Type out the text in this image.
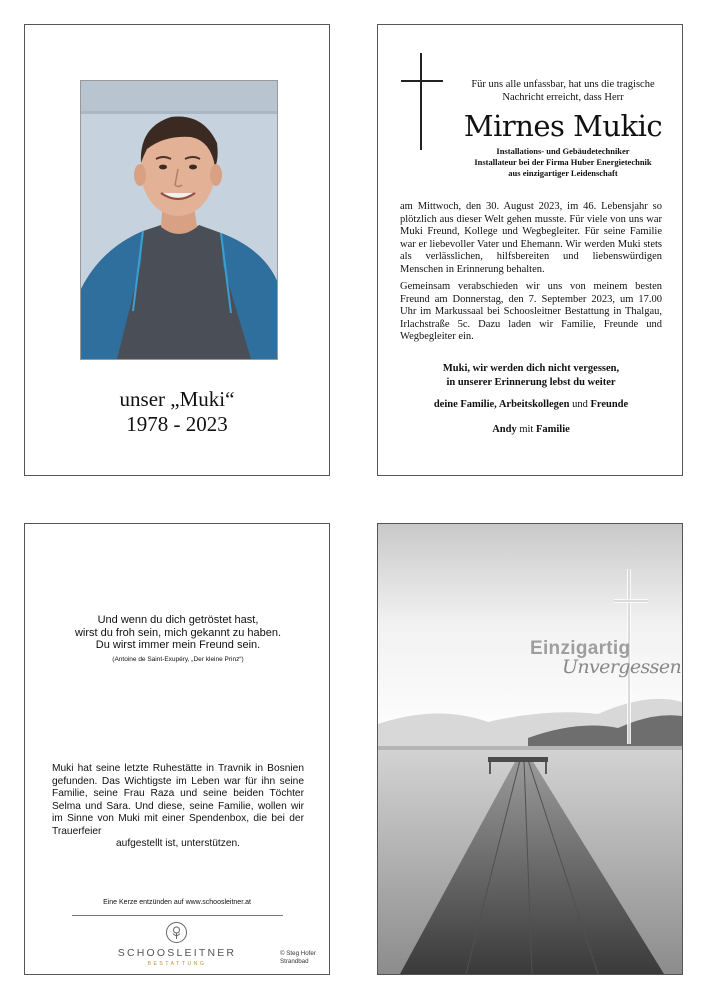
unser „Muki“
1978 - 2023
Für uns alle unfassbar, hat uns die tragische
Nachricht erreicht, dass Herr
Mirnes Mukic
Installations- und Gebäudetechniker
Installateur bei der Firma Huber Energietechnik
aus einzigartiger Leidenschaft
am Mittwoch, den 30. August 2023, im 46. Lebensjahr so plötzlich aus dieser Welt gehen musste. Für viele von uns war Muki Freund, Kollege und Wegbegleiter. Für seine Familie war er liebevoller Vater und Ehemann. Wir werden Muki stets als verlässlichen, hilfsbereiten und liebenswürdigen Menschen in Erinnerung behalten.
Gemeinsam verabschieden wir uns von meinem besten Freund am Donnerstag, den 7. September 2023, um 17.00 Uhr im Markussaal bei Schoosleitner Bestattung in Thalgau, Irlachstraße 5c. Dazu laden wir Familie, Freunde und Wegbegleiter ein.
Muki, wir werden dich nicht vergessen,
in unserer Erinnerung lebst du weiter
deine Familie, Arbeitskollegen und Freunde
Andy mit Familie
Und wenn du dich getröstet hast,
wirst du froh sein, mich gekannt zu haben.
Du wirst immer mein Freund sein.
(Antoine de Saint-Exupéry, „Der kleine Prinz“)
Muki hat seine letzte Ruhestätte in Travnik in Bosnien gefunden. Das Wichtigste im Leben war für ihn seine Familie, seine Frau Raza und seine beiden Töchter Selma und Sara. Und diese, seine Familie, wollen wir im Sinne von Muki mit einer Spendenbox, die bei der Trauerfeier
aufgestellt ist, unterstützen.
Eine Kerze entzünden auf www.schoosleitner.at
SCHOOSLEITNER
BESTATTUNG
© Steg Hofer
Strandbad
Einzigartig
Unvergessen
